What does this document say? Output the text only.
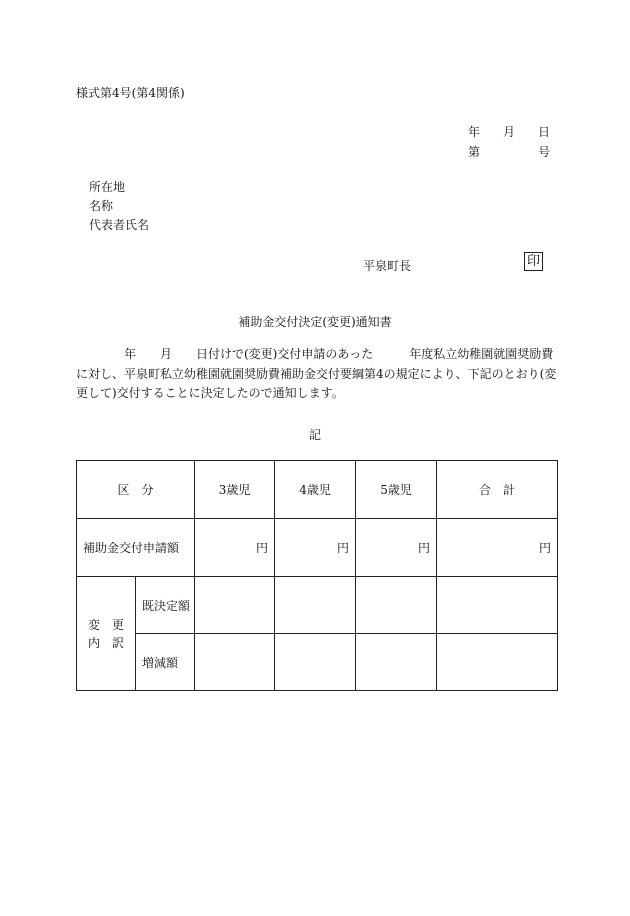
様式第4号(第4関係)
年 月 日
第	号
所在地
名称
代表者氏名
平泉町長	印
補助金交付決定(変更)通知書
　　　　年　　月　　日付けで(変更)交付申請のあった　　　年度私立幼稚園就園奨励費
に対し、平泉町私立幼稚園就園奨励費補助金交付要綱第4の規定により、下記のとおり(変
更して)交付することに決定したので通知します。
記
区　分		3歳児	4歳児	5歳児	合　計
補助金交付申請額		円	円	円	円

変　更
内　訳	既決定額				
	増減額				
